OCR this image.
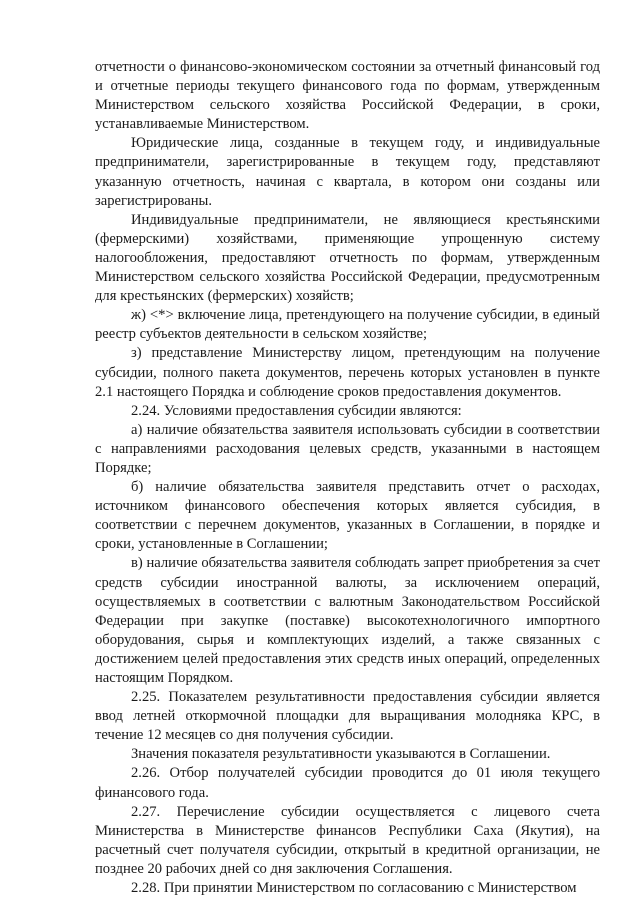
отчетности о финансово-экономическом состоянии за отчетный финансовый год и отчетные периоды текущего финансового года по формам, утвержденным Министерством сельского хозяйства Российской Федерации, в сроки, устанавливаемые Министерством.

Юридические лица, созданные в текущем году, и индивидуальные предприниматели, зарегистрированные в текущем году, представляют указанную отчетность, начиная с квартала, в котором они созданы или зарегистрированы.

Индивидуальные предприниматели, не являющиеся крестьянскими (фермерскими) хозяйствами, применяющие упрощенную систему налогообложения, предоставляют отчетность по формам, утвержденным Министерством сельского хозяйства Российской Федерации, предусмотренным для крестьянских (фермерских) хозяйств;

ж) <*> включение лица, претендующего на получение субсидии, в единый реестр субъектов деятельности в сельском хозяйстве;

з) представление Министерству лицом, претендующим на получение субсидии, полного пакета документов, перечень которых установлен в пункте 2.1 настоящего Порядка и соблюдение сроков предоставления документов.

2.24. Условиями предоставления субсидии являются:

а) наличие обязательства заявителя использовать субсидии в соответствии с направлениями расходования целевых средств, указанными в настоящем Порядке;

б) наличие обязательства заявителя представить отчет о расходах, источником финансового обеспечения которых является субсидия, в соответствии с перечнем документов, указанных в Соглашении, в порядке и сроки, установленные в Соглашении;

в) наличие обязательства заявителя соблюдать запрет приобретения за счет средств субсидии иностранной валюты, за исключением операций, осуществляемых в соответствии с валютным Законодательством Российской Федерации при закупке (поставке) высокотехнологичного импортного оборудования, сырья и комплектующих изделий, а также связанных с достижением целей предоставления этих средств иных операций, определенных настоящим Порядком.

2.25. Показателем результативности предоставления субсидии является ввод летней откормочной площадки для выращивания молодняка КРС, в течение 12 месяцев со дня получения субсидии.

Значения показателя результативности указываются в Соглашении.

2.26. Отбор получателей субсидии проводится до 01 июля текущего финансового года.

2.27. Перечисление субсидии осуществляется с лицевого счета Министерства в Министерстве финансов Республики Саха (Якутия), на расчетный счет получателя субсидии, открытый в кредитной организации, не позднее 20 рабочих дней со дня заключения Соглашения.

2.28. При принятии Министерством по согласованию с Министерством
